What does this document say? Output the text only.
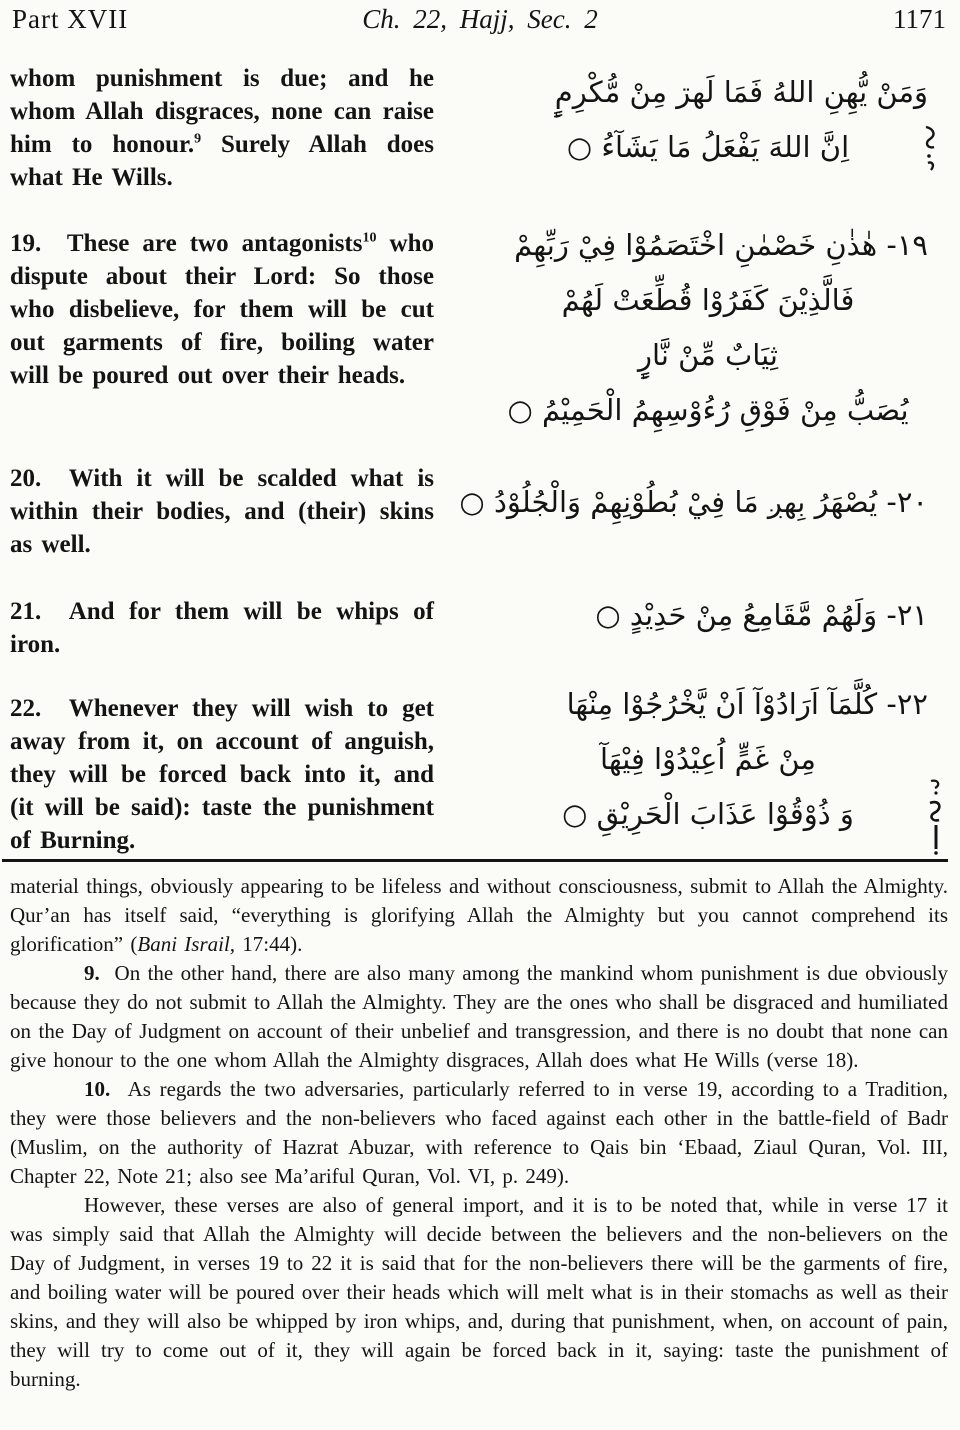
Part XVII	Ch. 22, Hajj, Sec. 2	1171

whom punishment is due; and he whom Allah disgraces, none can raise him to honour.$^9$ Surely Allah does what He Wills.

19.  These are two antagonists$^{10}$ who dispute about their Lord: So those who disbelieve, for them will be cut out garments of fire, boiling water will be poured out over their heads.

20.  With it will be scalded what is within their bodies, and (their) skins as well.

21.  And for them will be whips of iron.

22.  Whenever they will wish to get away from it, on account of anguish, they will be forced back into it, and (it will be said): taste the punishment of Burning.

وَمَنْ يُّهِنِ اللهُ فَمَا لَهڗ مِنْ مُّكْرِمٍٕ
اِنَّ اللهَ يَفْعَلُ مَا يَشَآءُ ○
١٩- هٰذٰنِ خَصْمٰنِ اخْتَصَمُوْا فِيْ رَبِّهِمْ
فَالَّذِيْنَ كَفَرُوْا قُطِّعَتْ لَهُمْ
ثِيَابٌ مِّنْ نَّارٍٕ
يُصَبُّ مِنْ فَوْقِ رُءُوْسِهِمُ الْحَمِيْمُ ○
٢٠- يُصْهَرُ بِهږ مَا فِيْ بُطُوْنِهِمْ وَالْجُلُوْدُ ○
٢١- وَلَهُمْ مَّقَامِعُ مِنْ حَدِيْدٍ ○
٢٢- كُلَّمَآ اَرَادُوْآ اَنْ يَّخْرُجُوْا مِنْهَا
مِنْ غَمٍّ اُعِيْدُوْا فِيْهَآ
وَ ذُوْقُوْا عَذَابَ الْحَرِيْقِ ○

material things, obviously appearing to be lifeless and without consciousness, submit to Allah the Almighty. Qur’an has itself said, “everything is glorifying Allah the Almighty but you cannot comprehend its glorification” (Bani Israil, 17:44).

9.  On the other hand, there are also many among the mankind whom punishment is due obviously because they do not submit to Allah the Almighty. They are the ones who shall be disgraced and humiliated on the Day of Judgment on account of their unbelief and transgression, and there is no doubt that none can give honour to the one whom Allah the Almighty disgraces, Allah does what He Wills (verse 18).

10.  As regards the two adversaries, particularly referred to in verse 19, according to a Tradition, they were those believers and the non-believers who faced against each other in the battle-field of Badr (Muslim, on the authority of Hazrat Abuzar, with reference to Qais bin ‘Ebaad, Ziaul Quran, Vol. III, Chapter 22, Note 21; also see Ma’ariful Quran, Vol. VI, p. 249).

However, these verses are also of general import, and it is to be noted that, while in verse 17 it was simply said that Allah the Almighty will decide between the believers and the non-believers on the Day of Judgment, in verses 19 to 22 it is said that for the non-believers there will be the garments of fire, and boiling water will be poured over their heads which will melt what is in their stomachs as well as their skins, and they will also be whipped by iron whips, and, during that punishment, when, on account of pain, they will try to come out of it, they will again be forced back in it, saying: taste the punishment of burning.
